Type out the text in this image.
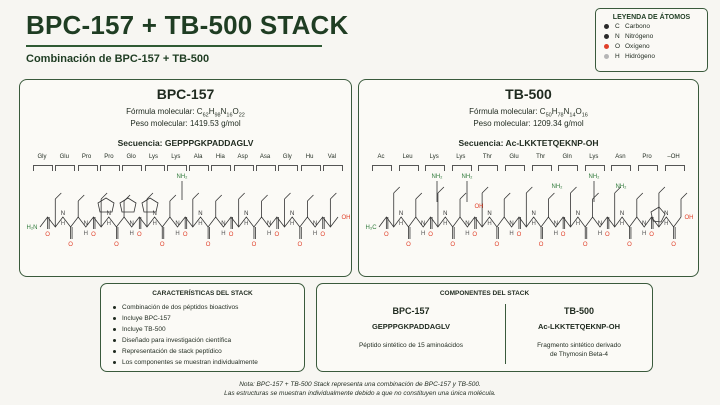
BPC-157 + TB-500 STACK
Combinación de BPC-157 + TB-500
LEYENDA DE ÁTOMOS
C Carbono
N Nitrógeno
O Oxígeno
H Hidrógeno
BPC-157
Fórmula molecular: $C_{62}H_{98}N_{16}O_{22}$
Peso molecular: 1419.53 g/mol
Secuencia: GEPPPGKPADDAGLV
Gly	Glu	Pro	Pro	Glo	Lys	Lys	Ala	Hia	Asp	Asa	Gly	Hu	Val
O
H
N
O
H
N
O
H
N
O
H
N
O
H
N
O
H
N
O
H
N
O
H
N
O
H
N
O
H
N
O
H
N
O
H
N
O
H₂N
OH
NH₂
TB-500
Fórmula molecular: $C_{50}H_{78}N_{14}O_{16}$
Peso molecular: 1209.34 g/mol
Secuencia: Ac-LKKTETQEKNP-OH
Ac	Leu	Lys	Lys	Thr	Glu	Thr	Gln	Lys	Asn	Pro	–OH
O
H
N
O
H
N
O
H
N
O
H
N
O
H
N
O
H
N
O
H
N
O
H
N
O
H
N
O
H
N
O
H
N
O
H
N
O
H
N
O
H₃C
OH
NH₂	NH₂	NH₂
OH
NH₂	NH₂
CARACTERÍSTICAS DEL STACK
Combinación de dos péptidos bioactivos
Incluye BPC-157
Incluye TB-500
Diseñado para investigación científica
Representación de stack peptídico
Los componentes se muestran individualmente
COMPONENTES DEL STACK
BPC-157
GEPPPGKPADDAGLV
Péptido sintético de 15 aminoácidos
TB-500
Ac-LKKTETQEKNP-OH
Fragmento sintético derivado
de Thymosin Beta-4
Nota: BPC-157 + TB-500 Stack representa una combinación de BPC-157 y TB-500.
Las estructuras se muestran individualmente debido a que no constituyen una única molécula.
